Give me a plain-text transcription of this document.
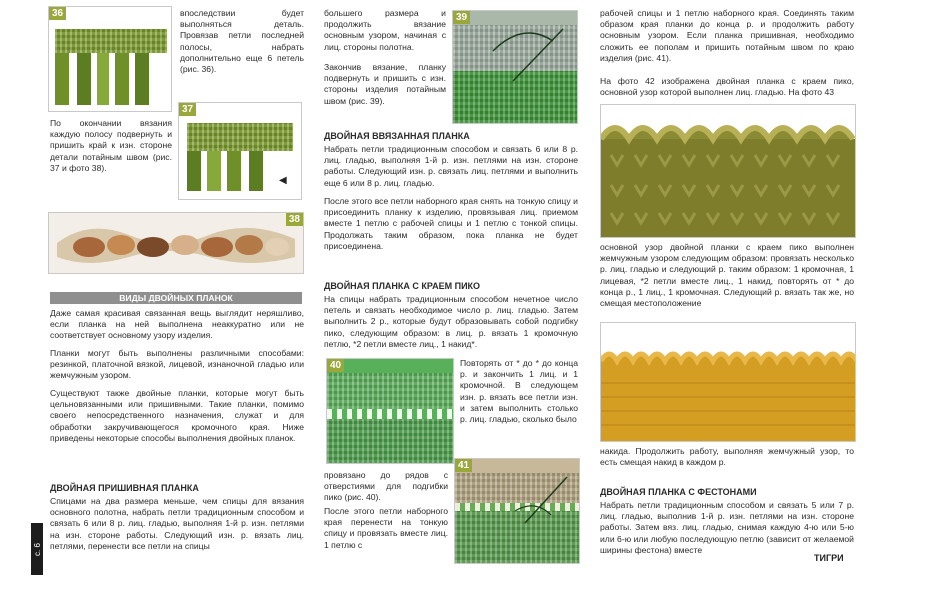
36	впоследствии будет выполняться деталь. Провязав петли последней полосы, набрать дополнительно еще 6 петель (рис. 36).
37
◀
По окончании вязания каждую полосу подвернуть и пришить край к изн. стороне детали потайным швом (рис. 37 и фото 38).
38
ВИДЫ ДВОЙНЫХ ПЛАНОК
Даже самая красивая связанная вещь выглядит неряшливо, если планка на ней выполнена неаккуратно или не соответствует основному узору изделия.
Планки могут быть выполнены различными способами: резинкой, платочной вязкой, лицевой, изнаночной гладью или жемчужным узором.
Существуют также двойные планки, которые могут быть цельновязанными или пришивными. Такие планки, помимо своего непосредственного назначения, служат и для обработки закручивающегося кромочного края. Ниже приведены некоторые способы выполнения двойных планок.
ДВОЙНАЯ ПРИШИВНАЯ ПЛАНКА
Спицами на два размера меньше, чем спицы для вязания основного полотна, набрать петли традиционным способом и связать 6 или 8 р. лиц. гладью, выполняя 1-й р. изн. петлями на изн. стороне работы. Следующий изн. р. вязать лиц. петлями, перенести все петли на спицы
с. 6
большего размера и продолжить вязание основным узором, начиная с лиц. стороны полотна.
Закончив вязание, планку подвернуть и пришить с изн. стороны изделия потайным швом (рис. 39).
39
ДВОЙНАЯ ВВЯЗАННАЯ ПЛАНКА
Набрать петли традиционным способом и связать 6 или 8 р. лиц. гладью, выполняя 1-й р. изн. петлями на изн. стороне работы. Следующий изн. р. связать лиц. петлями и выполнить еще 6 или 8 р. лиц. гладью.
После этого все петли наборного края снять на тонкую спицу и присоединить планку к изделию, провязывая лиц. приемом вместе 1 петлю с рабочей спицы и 1 петлю с тонкой спицы. Продолжать таким образом, пока планка не будет присоединена.
ДВОЙНАЯ ПЛАНКА С КРАЕМ ПИКО
На спицы набрать традиционным способом нечетное число петель и связать необходимое число р. лиц. гладью. Затем выполнить 2 р., которые будут образовывать собой подгибку пико, следующим образом: в лиц. р. вязать 1 кромочную петлю, *2 петли вместе лиц., 1 накид*.
40	Повторять от * до * до конца р. и закончить 1 лиц. и 1 кромочной. В следующем изн. р. вязать все петли изн. и затем выполнить столько р. лиц. гладью, сколько было
провязано до рядов с отверстиями для подгибки пико (рис. 40).
После этого петли наборного края перенести на тонкую спицу и провязать вместе лиц. 1 петлю с
41
рабочей спицы и 1 петлю наборного края. Соединять таким образом края планки до конца р. и продолжить работу основным узором. Если планка пришивная, необходимо сложить ее пополам и пришить потайным швом по краю изделия (рис. 41).
На фото 42 изображена двойная планка с краем пико, основной узор которой выполнен лиц. гладью. На фото 43
основной узор двойной планки с краем пико выполнен жемчужным узором следующим образом: провязать несколько р. лиц. гладью и следующий р. таким образом: 1 кромочная, 1 лицевая, *2 петли вместе лиц., 1 накид, повторять от * до конца р., 1 лиц., 1 кромочная. Следующий р. вязать так же, но смещая местоположение
накида. Продолжить работу, выполняя жемчужный узор, то есть смещая накид в каждом р.
ДВОЙНАЯ ПЛАНКА С ФЕСТОНАМИ
Набрать петли традиционным способом и связать 5 или 7 р. лиц. гладью, выполнив 1-й р. изн. петлями на изн. стороне работы. Затем вяз. лиц. гладью, снимая каждую 4-ю или 5-ю или 6-ю или любую последующую петлю (зависит от желаемой ширины фестона) вместе
ТИГРИ
